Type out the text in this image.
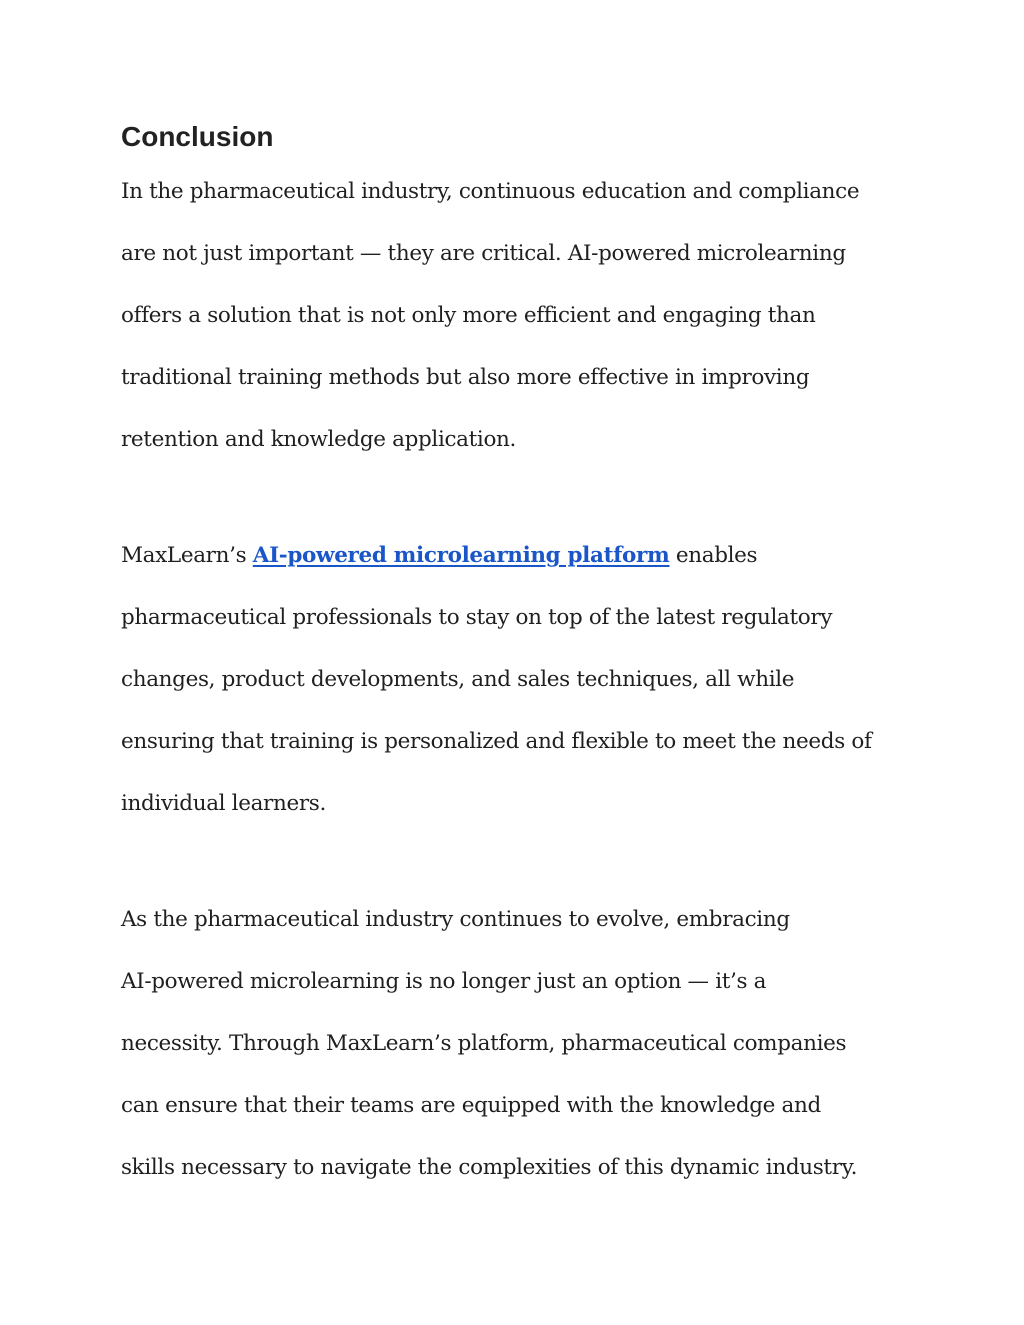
Conclusion

In the pharmaceutical industry, continuous education and compliance

are not just important — they are critical. AI-powered microlearning

offers a solution that is not only more efficient and engaging than

traditional training methods but also more effective in improving

retention and knowledge application.

MaxLearn’s AI-powered microlearning platform enables

pharmaceutical professionals to stay on top of the latest regulatory

changes, product developments, and sales techniques, all while

ensuring that training is personalized and flexible to meet the needs of

individual learners.

As the pharmaceutical industry continues to evolve, embracing

AI-powered microlearning is no longer just an option — it’s a

necessity. Through MaxLearn’s platform, pharmaceutical companies

can ensure that their teams are equipped with the knowledge and

skills necessary to navigate the complexities of this dynamic industry.
